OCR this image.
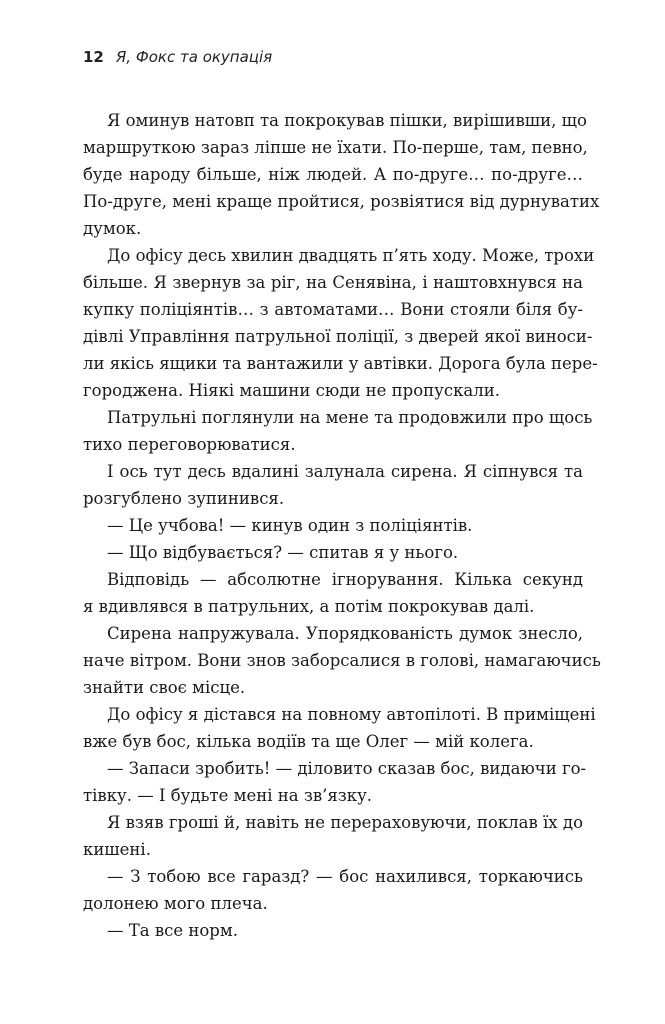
12 Я, Фокс та окупація

Я оминув натовп та покрокував пішки, вирішивши, що
маршруткою зараз ліпше не їхати. По-перше, там, певно,
буде народу більше, ніж людей. А по-друге… по-друге…
По-друге, мені краще пройтися, розвіятися від дурнуватих
думок.

До офісу десь хвилин двадцять п’ять ходу. Може, трохи
більше. Я звернув за ріг, на Сенявіна, і наштовхнувся на
купку поліціянтів… з автоматами… Вони стояли біля бу-
дівлі Управління патрульної поліції, з дверей якої виноси-
ли якісь ящики та вантажили у автівки. Дорога була пере-
городжена. Ніякі машини сюди не пропускали.

Патрульні поглянули на мене та продовжили про щось
тихо переговорюватися.

І ось тут десь вдалині залунала сирена. Я сіпнувся та
розгублено зупинився.

— Це учбова! — кинув один з поліціянтів.

— Що відбувається? — спитав я у нього.

Відповідь — абсолютне ігнорування. Кілька секунд
я вдивлявся в патрульних, а потім покрокував далі.

Сирена напружувала. Упорядкованість думок знесло,
наче вітром. Вони знов заборсалися в голові, намагаючись
знайти своє місце.

До офісу я дістався на повному автопілоті. В приміщені
вже був бос, кілька водіїв та ще Олег — мій колега.

— Запаси зробить! — діловито сказав бос, видаючи го-
тівку. — І будьте мені на зв’язку.

Я взяв гроші й, навіть не перераховуючи, поклав їх до
кишені.

— З тобою все гаразд? — бос нахилився, торкаючись
долонею мого плеча.

— Та все норм.
